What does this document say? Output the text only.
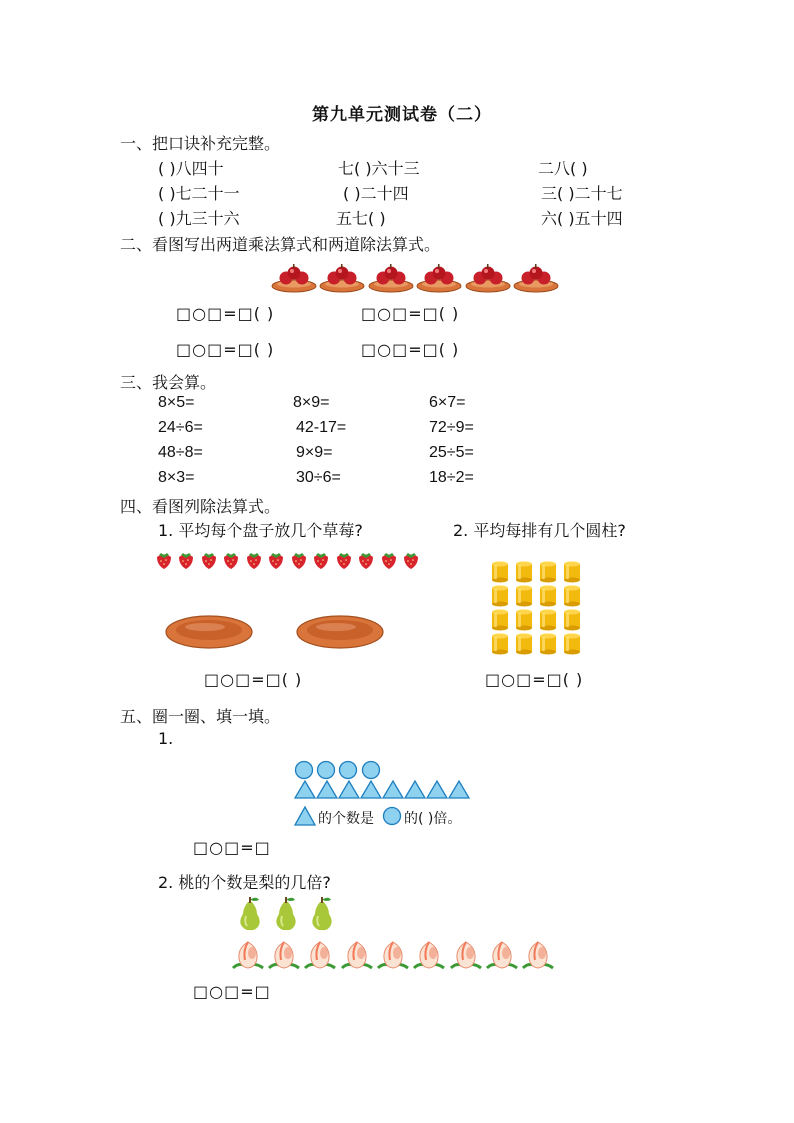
第九单元测试卷（二）
一、把口诀补充完整。
( )八四十	七( )六十三	二八( )
( )七二十一	( )二十四	三( )二十七
( )九三十六	五七( )	六( )五十四
二、看图写出两道乘法算式和两道除法算式。
□○□=□( )	□○□=□( )
□○□=□( )	□○□=□( )
三、我会算。
8×5=	8×9=	6×7=
24÷6=	42-17=	72÷9=
48÷8=	9×9=	25÷5=
8×3=	30÷6=	18÷2=
四、看图列除法算式。
1. 平均每个盘子放几个草莓?	2. 平均每排有几个圆柱?
□○□=□( )	□○□=□( )
五、圈一圈、填一填。
1.
的个数是 的( )倍。
□○□=□
2. 桃的个数是梨的几倍?
□○□=□
